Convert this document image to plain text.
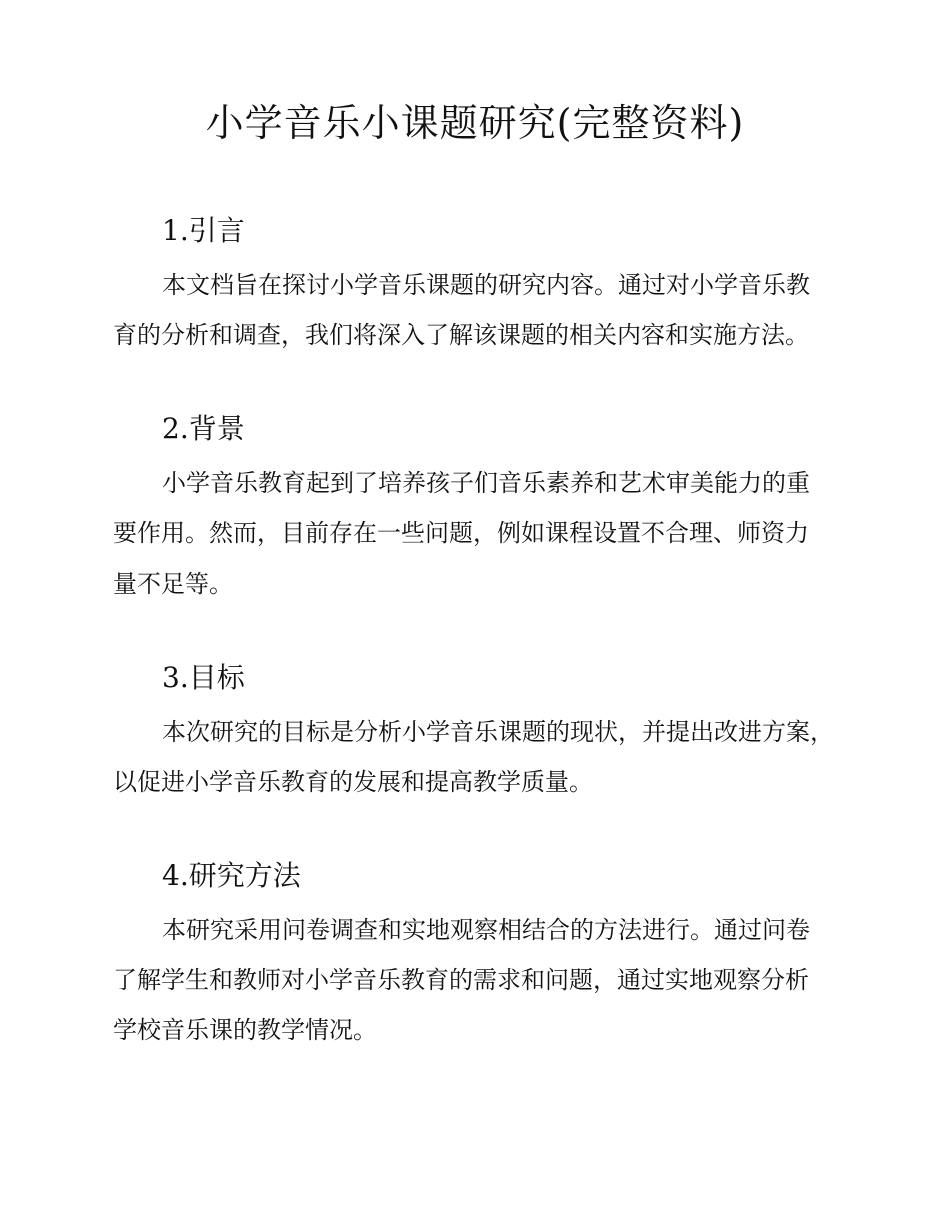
小学音乐小课题研究(完整资料)
1.引言
本文档旨在探讨小学音乐课题的研究内容。通过对小学音乐教
育的分析和调查，我们将深入了解该课题的相关内容和实施方法。
2.背景
小学音乐教育起到了培养孩子们音乐素养和艺术审美能力的重
要作用。然而，目前存在一些问题，例如课程设置不合理、师资力
量不足等。
3.目标
本次研究的目标是分析小学音乐课题的现状，并提出改进方案，
以促进小学音乐教育的发展和提高教学质量。
4.研究方法
本研究采用问卷调查和实地观察相结合的方法进行。通过问卷
了解学生和教师对小学音乐教育的需求和问题，通过实地观察分析
学校音乐课的教学情况。
